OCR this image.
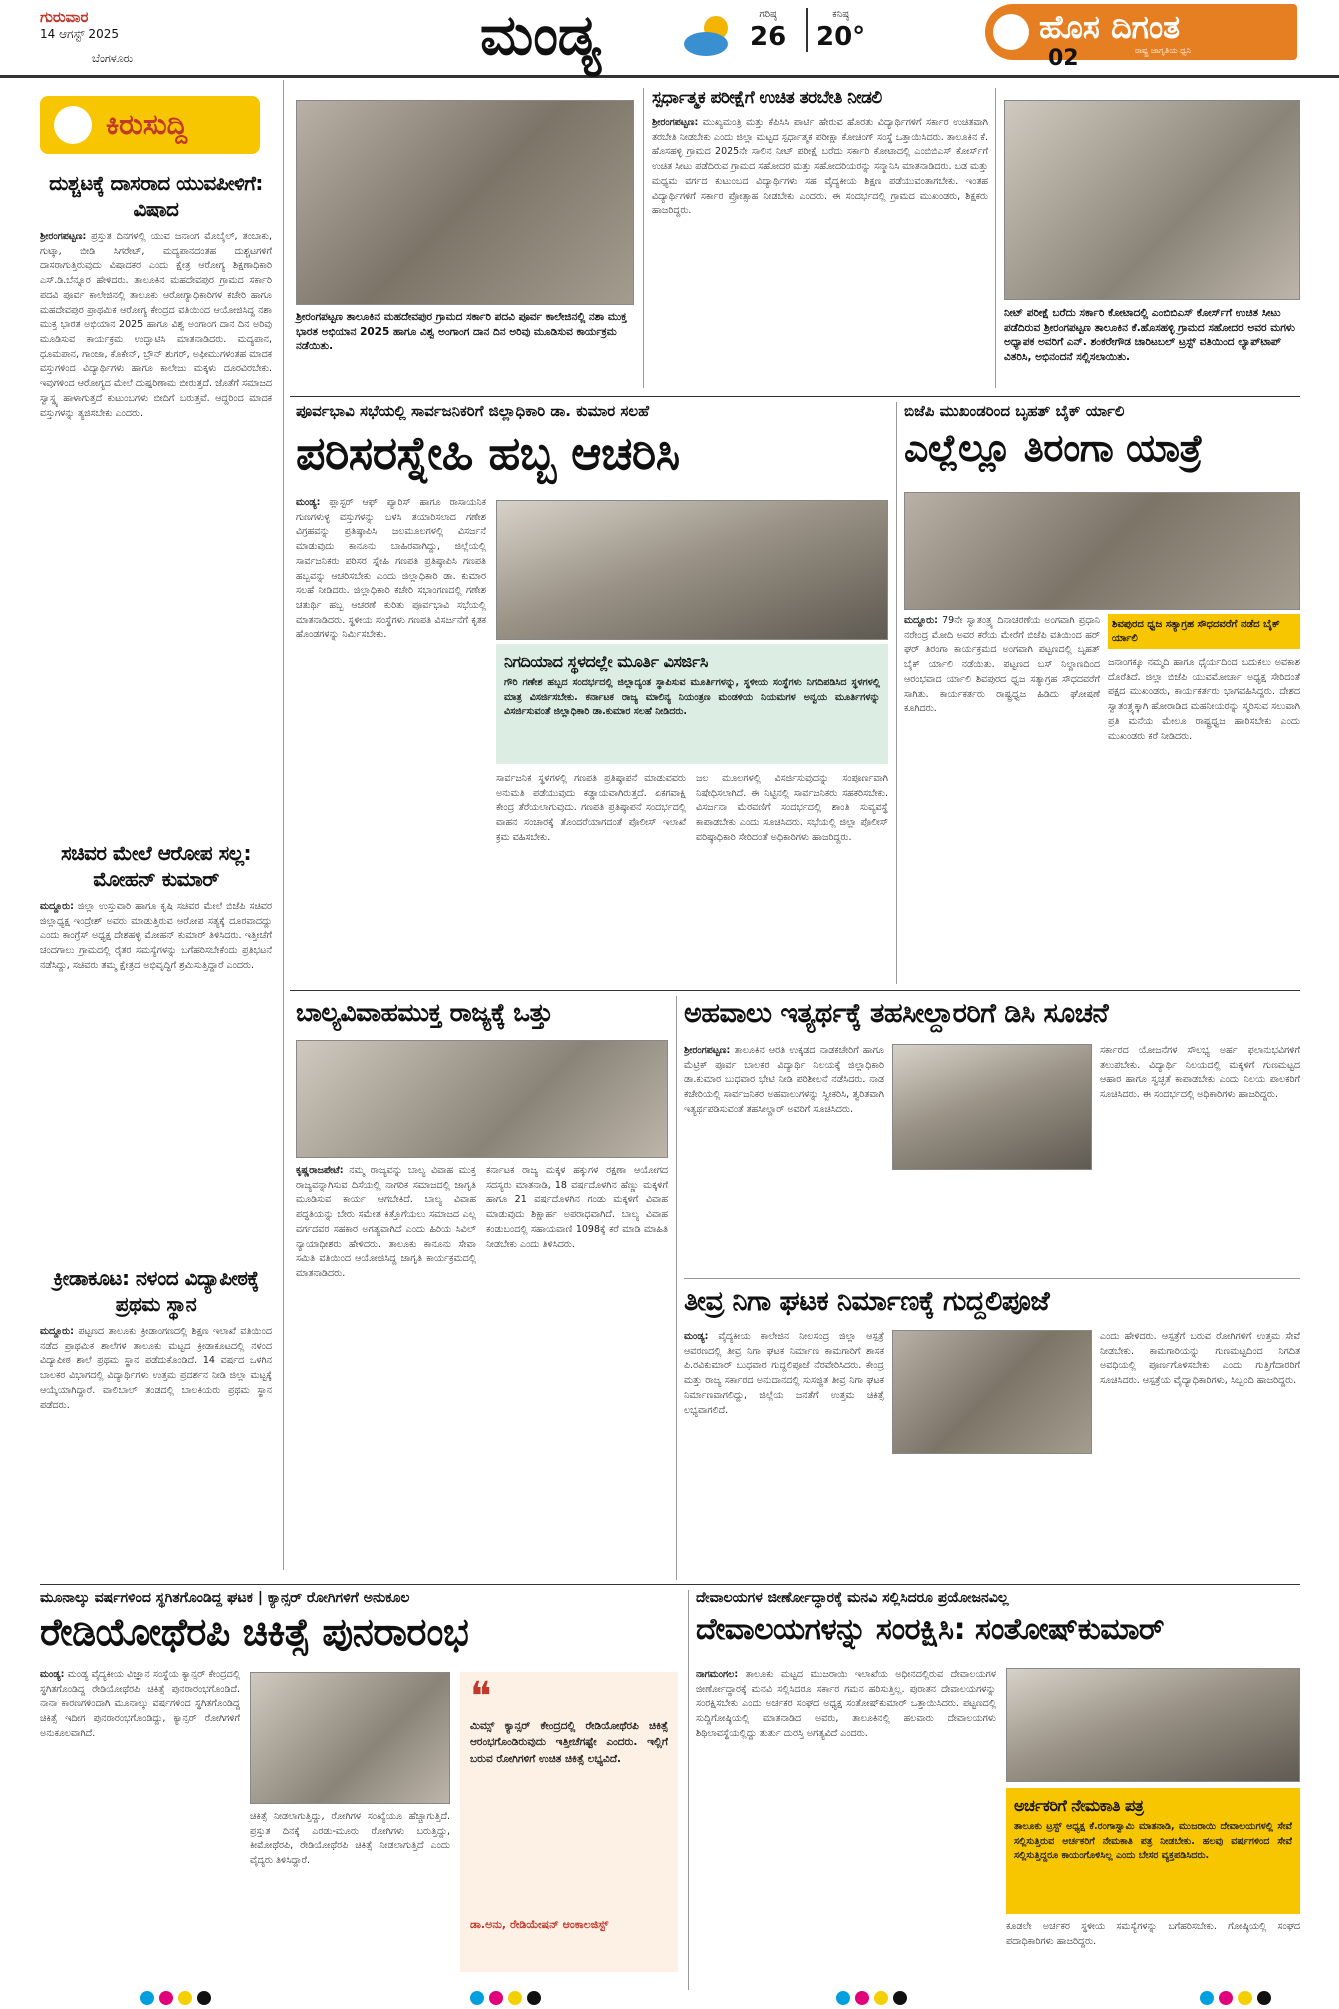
ಗುರುವಾರ
14 ಆಗಸ್ಟ್ 2025
ಬೆಂಗಳೂರು	ಮಂಡ್ಯ	ಗರಿಷ್ಠ
26
ಕನಿಷ್ಠ
20°	ಹೊಸ ದಿಗಂತ
ರಾಷ್ಟ್ರ ಜಾಗೃತಿಯ ಧ್ವನಿ
02
ಕಿರುಸುದ್ದಿ
ದುಶ್ಚಟಕ್ಕೆ ದಾಸರಾದ ಯುವಪೀಳಿಗೆ: ವಿಷಾದ
ಶ್ರೀರಂಗಪಟ್ಟಣ: ಪ್ರಸ್ತುತ ದಿನಗಳಲ್ಲಿ ಯುವ ಜನಾಂಗ ಮೊಬೈಲ್, ತಂಬಾಕು, ಗುಟ್ಕಾ, ಬೀಡಿ ಸಿಗರೇಟ್, ಮದ್ಯಪಾನದಂತಹ ದುಶ್ಚಟಗಳಿಗೆ ದಾಸರಾಗುತ್ತಿರುವುದು ವಿಷಾದಕರ ಎಂದು ಕ್ಷೇತ್ರ ಆರೋಗ್ಯ ಶಿಕ್ಷಣಾಧಿಕಾರಿ ಎಸ್.ಡಿ.ಬೆನ್ನೂರ ಹೇಳಿದರು. ತಾಲೂಕಿನ ಮಹದೇವಪುರ ಗ್ರಾಮದ ಸರ್ಕಾರಿ ಪದವಿ ಪೂರ್ವ ಕಾಲೇಜಿನಲ್ಲಿ ತಾಲೂಕು ಆರೋಗ್ಯಾಧಿಕಾರಿಗಳ ಕಚೇರಿ ಹಾಗೂ ಮಹದೇವಪುರ ಪ್ರಾಥಮಿಕ ಆರೋಗ್ಯ ಕೇಂದ್ರದ ವತಿಯಿಂದ ಆಯೋಜಿಸಿದ್ದ ನಶಾ ಮುಕ್ತ ಭಾರತ ಅಭಿಯಾನ 2025 ಹಾಗೂ ವಿಶ್ವ ಅಂಗಾಂಗ ದಾನ ದಿನ ಅರಿವು ಮೂಡಿಸುವ ಕಾರ್ಯಕ್ರಮ ಉದ್ಘಾಟಿಸಿ ಮಾತನಾಡಿದರು. ಮದ್ಯಪಾನ, ಧೂಮಪಾನ, ಗಾಂಜಾ, ಕೊಕೇನ್, ಬ್ರೌನ್ ಶುಗರ್, ಅಫೀಮುಗಳಂತಹ ಮಾದಕ ವಸ್ತುಗಳಿಂದ ವಿದ್ಯಾರ್ಥಿಗಳು ಹಾಗೂ ಕಾಲೇಜು ಮಕ್ಕಳು ದೂರವಿರಬೇಕು. ಇವುಗಳಿಂದ ಆರೋಗ್ಯದ ಮೇಲೆ ದುಷ್ಪರಿಣಾಮ ಬೀರುತ್ತದೆ. ಜೊತೆಗೆ ಸಮಾಜದ ಸ್ವಾಸ್ಥ್ಯ ಹಾಳಾಗುತ್ತದೆ ಕುಟುಂಬಗಳು ಬೀದಿಗೆ ಬರುತ್ತವೆ. ಆದ್ದರಿಂದ ಮಾದಕ ವಸ್ತುಗಳನ್ನು ತ್ಯಜಿಸಬೇಕು ಎಂದರು.
ಸಚಿವರ ಮೇಲೆ ಆರೋಪ ಸಲ್ಲ: ಮೋಹನ್ ಕುಮಾರ್
ಮದ್ದೂರು: ಜಿಲ್ಲಾ ಉಸ್ತುವಾರಿ ಹಾಗೂ ಕೃಷಿ ಸಚಿವರ ಮೇಲೆ ಬಿಜೆಪಿ ಸಚಿವರ ಜಿಲ್ಲಾಧ್ಯಕ್ಷ ಇಂದ್ರೇಶ್ ಅವರು ಮಾಡುತ್ತಿರುವ ಆರೋಪ ಸತ್ಯಕ್ಕೆ ದೂರವಾದದ್ದು ಎಂದು ಕಾಂಗ್ರೆಸ್ ಅಧ್ಯಕ್ಷ ದೇಶಹಳ್ಳಿ ಮೋಹನ್ ಕುಮಾರ್ ತಿಳಿಸಿದರು. ಇತ್ತೀಚೆಗೆ ಚಂದಗಾಲು ಗ್ರಾಮದಲ್ಲಿ ರೈತರ ಸಮಸ್ಯೆಗಳನ್ನು ಬಗೆಹರಿಸಬೇಕೆಂದು ಪ್ರತಿಭಟನೆ ನಡೆಸಿದ್ದು, ಸಚಿವರು ತಮ್ಮ ಕ್ಷೇತ್ರದ ಅಭಿವೃದ್ಧಿಗೆ ಶ್ರಮಿಸುತ್ತಿದ್ದಾರೆ ಎಂದರು.
ಕ್ರೀಡಾಕೂಟ: ನಳಂದ ವಿದ್ಯಾಪೀಠಕ್ಕೆ ಪ್ರಥಮ ಸ್ಥಾನ
ಮದ್ದೂರು: ಪಟ್ಟಣದ ತಾಲೂಕು ಕ್ರೀಡಾಂಗಣದಲ್ಲಿ ಶಿಕ್ಷಣ ಇಲಾಖೆ ವತಿಯಿಂದ ನಡೆದ ಪ್ರಾಥಮಿಕ ಶಾಲೆಗಳ ತಾಲೂಕು ಮಟ್ಟದ ಕ್ರೀಡಾಕೂಟದಲ್ಲಿ ನಳಂದ ವಿದ್ಯಾಪೀಠ ಶಾಲೆ ಪ್ರಥಮ ಸ್ಥಾನ ಪಡೆದುಕೊಂಡಿದೆ. 14 ವರ್ಷದ ಒಳಗಿನ ಬಾಲಕರ ವಿಭಾಗದಲ್ಲಿ ವಿದ್ಯಾರ್ಥಿಗಳು ಉತ್ತಮ ಪ್ರದರ್ಶನ ನೀಡಿ ಜಿಲ್ಲಾ ಮಟ್ಟಕ್ಕೆ ಆಯ್ಕೆಯಾಗಿದ್ದಾರೆ. ವಾಲಿಬಾಲ್ ತಂಡದಲ್ಲಿ ಬಾಲಕಿಯರು ಪ್ರಥಮ ಸ್ಥಾನ ಪಡೆದರು.
ಶ್ರೀರಂಗಪಟ್ಟಣ ತಾಲೂಕಿನ ಮಹದೇವಪುರ ಗ್ರಾಮದ ಸರ್ಕಾರಿ ಪದವಿ ಪೂರ್ವ ಕಾಲೇಜಿನಲ್ಲಿ ನಶಾ ಮುಕ್ತ ಭಾರತ ಅಭಿಯಾನ 2025 ಹಾಗೂ ವಿಶ್ವ ಅಂಗಾಂಗ ದಾನ ದಿನ ಅರಿವು ಮೂಡಿಸುವ ಕಾರ್ಯಕ್ರಮ ನಡೆಯಿತು.
ಸ್ಪರ್ಧಾತ್ಮಕ ಪರೀಕ್ಷೆಗೆ ಉಚಿತ ತರಬೇತಿ ನೀಡಲಿ
ಶ್ರೀರಂಗಪಟ್ಟಣ: ಮುಖ್ಯಮಂತ್ರಿ ಮತ್ತು ಕೆಪಿಸಿಸಿ ಪಾರ್ಟಿ ಹೇರುವ ಹೊರತು ವಿದ್ಯಾರ್ಥಿಗಳಿಗೆ ಸರ್ಕಾರ ಉಚಿತವಾಗಿ ತರಬೇತಿ ನೀಡಬೇಕು ಎಂದು ಜಿಲ್ಲಾ ಮಟ್ಟದ ಸ್ಪರ್ಧಾತ್ಮಕ ಪರೀಕ್ಷಾ ಕೋಚಿಂಗ್ ಸಂಸ್ಥೆ ಒತ್ತಾಯಿಸಿದರು. ತಾಲೂಕಿನ ಕೆ. ಹೊಸಹಳ್ಳಿ ಗ್ರಾಮದ 2025ನೇ ಸಾಲಿನ ನೀಟ್ ಪರೀಕ್ಷೆ ಬರೆದು ಸರ್ಕಾರಿ ಕೋಟಾದಲ್ಲಿ ಎಂಬಿಬಿಎಸ್ ಕೋರ್ಸ್‌ಗೆ ಉಚಿತ ಸೀಟು ಪಡೆದಿರುವ ಗ್ರಾಮದ ಸಹೋದರ ಮತ್ತು ಸಹೋದರಿಯರನ್ನು ಸನ್ಮಾನಿಸಿ ಮಾತನಾಡಿದರು. ಬಡ ಮತ್ತು ಮಧ್ಯಮ ವರ್ಗದ ಕುಟುಂಬದ ವಿದ್ಯಾರ್ಥಿಗಳು ಸಹ ವೈದ್ಯಕೀಯ ಶಿಕ್ಷಣ ಪಡೆಯುವಂತಾಗಬೇಕು. ಇಂತಹ ವಿದ್ಯಾರ್ಥಿಗಳಿಗೆ ಸರ್ಕಾರ ಪ್ರೋತ್ಸಾಹ ನೀಡಬೇಕು ಎಂದರು. ಈ ಸಂದರ್ಭದಲ್ಲಿ ಗ್ರಾಮದ ಮುಖಂಡರು, ಶಿಕ್ಷಕರು ಹಾಜರಿದ್ದರು.
ನೀಟ್ ಪರೀಕ್ಷೆ ಬರೆದು ಸರ್ಕಾರಿ ಕೋಟಾದಲ್ಲಿ ಎಂಬಿಬಿಎಸ್ ಕೋರ್ಸ್‌ಗೆ ಉಚಿತ ಸೀಟು ಪಡೆದಿರುವ ಶ್ರೀರಂಗಪಟ್ಟಣ ತಾಲೂಕಿನ ಕೆ.ಹೊಸಹಳ್ಳಿ ಗ್ರಾಮದ ಸಹೋದರ ಅವರ ಮಗಳು ಅಧ್ಯಾಪಕ ಅವರಿಗೆ ಎನ್. ಶಂಕರೇಗೌಡ ಚಾರಿಟಬಲ್ ಟ್ರಸ್ಟ್ ವತಿಯಿಂದ ಲ್ಯಾಪ್‌ಟಾಪ್ ವಿತರಿಸಿ, ಅಭಿನಂದನೆ ಸಲ್ಲಿಸಲಾಯಿತು.
ಪೂರ್ವಭಾವಿ ಸಭೆಯಲ್ಲಿ ಸಾರ್ವಜನಿಕರಿಗೆ ಜಿಲ್ಲಾಧಿಕಾರಿ ಡಾ. ಕುಮಾರ ಸಲಹೆ
ಪರಿಸರಸ್ನೇಹಿ ಹಬ್ಬ ಆಚರಿಸಿ
ಮಂಡ್ಯ: ಪ್ಲಾಸ್ಟರ್ ಆಫ್ ಪ್ಯಾರಿಸ್ ಹಾಗೂ ರಾಸಾಯನಿಕ ಗುಣಗಳುಳ್ಳ ವಸ್ತುಗಳನ್ನು ಬಳಸಿ ತಯಾರಿಸಲಾದ ಗಣೇಶ ವಿಗ್ರಹವನ್ನು ಪ್ರತಿಷ್ಠಾಪಿಸಿ ಜಲಮೂಲಗಳಲ್ಲಿ ವಿಸರ್ಜನೆ ಮಾಡುವುದು ಕಾನೂನು ಬಾಹಿರವಾಗಿದ್ದು, ಜಿಲ್ಲೆಯಲ್ಲಿ ಸಾರ್ವಜನಿಕರು ಪರಿಸರ ಸ್ನೇಹಿ ಗಣಪತಿ ಪ್ರತಿಷ್ಠಾಪಿಸಿ ಗಣಪತಿ ಹಬ್ಬವನ್ನು ಆಚರಿಸಬೇಕು ಎಂದು ಜಿಲ್ಲಾಧಿಕಾರಿ ಡಾ. ಕುಮಾರ ಸಲಹೆ ನೀಡಿದರು. ಜಿಲ್ಲಾಧಿಕಾರಿ ಕಚೇರಿ ಸಭಾಂಗಣದಲ್ಲಿ ಗಣೇಶ ಚತುರ್ಥಿ ಹಬ್ಬ ಆಚರಣೆ ಕುರಿತು ಪೂರ್ವಭಾವಿ ಸಭೆಯಲ್ಲಿ ಮಾತನಾಡಿದರು. ಸ್ಥಳೀಯ ಸಂಸ್ಥೆಗಳು ಗಣಪತಿ ವಿಸರ್ಜನೆಗೆ ಕೃತಕ ಹೊಂಡಗಳನ್ನು ನಿರ್ಮಿಸಬೇಕು.
ನಿಗದಿಯಾದ ಸ್ಥಳದಲ್ಲೇ ಮೂರ್ತಿ ವಿಸರ್ಜಿಸಿ
ಗೌರಿ ಗಣೇಶ ಹಬ್ಬದ ಸಂದರ್ಭದಲ್ಲಿ ಜಿಲ್ಲಾದ್ಯಂತ ಸ್ಥಾಪಿಸುವ ಮೂರ್ತಿಗಳನ್ನು, ಸ್ಥಳೀಯ ಸಂಸ್ಥೆಗಳು ನಿಗದಿಪಡಿಸಿದ ಸ್ಥಳಗಳಲ್ಲಿ ಮಾತ್ರ ವಿಸರ್ಜಿಸಬೇಕು. ಕರ್ನಾಟಕ ರಾಜ್ಯ ಮಾಲಿನ್ಯ ನಿಯಂತ್ರಣ ಮಂಡಳಿಯ ನಿಯಮಗಳ ಅನ್ವಯ ಮೂರ್ತಿಗಳನ್ನು ವಿಸರ್ಜಿಸುವಂತೆ ಜಿಲ್ಲಾಧಿಕಾರಿ ಡಾ.ಕುಮಾರ ಸಲಹೆ ನೀಡಿದರು.
ಸಾರ್ವಜನಿಕ ಸ್ಥಳಗಳಲ್ಲಿ ಗಣಪತಿ ಪ್ರತಿಷ್ಠಾಪನೆ ಮಾಡುವವರು ಅನುಮತಿ ಪಡೆಯುವುದು ಕಡ್ಡಾಯವಾಗಿರುತ್ತದೆ. ಏಕಗವಾಕ್ಷಿ ಕೇಂದ್ರ ತೆರೆಯಲಾಗುವುದು. ಗಣಪತಿ ಪ್ರತಿಷ್ಠಾಪನೆ ಸಂದರ್ಭದಲ್ಲಿ ವಾಹನ ಸಂಚಾರಕ್ಕೆ ತೊಂದರೆಯಾಗದಂತೆ ಪೊಲೀಸ್ ಇಲಾಖೆ ಕ್ರಮ ವಹಿಸಬೇಕು.
ಜಲ ಮೂಲಗಳಲ್ಲಿ ವಿಸರ್ಜಿಸುವುದನ್ನು ಸಂಪೂರ್ಣವಾಗಿ ನಿಷೇಧಿಸಲಾಗಿದೆ. ಈ ನಿಟ್ಟಿನಲ್ಲಿ ಸಾರ್ವಜನಿಕರು ಸಹಕರಿಸಬೇಕು. ವಿಸರ್ಜನಾ ಮೆರವಣಿಗೆ ಸಂದರ್ಭದಲ್ಲಿ ಶಾಂತಿ ಸುವ್ಯವಸ್ಥೆ ಕಾಪಾಡಬೇಕು ಎಂದು ಸೂಚಿಸಿದರು. ಸಭೆಯಲ್ಲಿ ಜಿಲ್ಲಾ ಪೊಲೀಸ್ ವರಿಷ್ಠಾಧಿಕಾರಿ ಸೇರಿದಂತೆ ಅಧಿಕಾರಿಗಳು ಹಾಜರಿದ್ದರು.
ಬಿಜೆಪಿ ಮುಖಂಡರಿಂದ ಬೃಹತ್ ಬೈಕ್ ರ್ಯಾಲಿ
ಎಲ್ಲೆಲ್ಲೂ ತಿರಂಗಾ ಯಾತ್ರೆ
ಶಿವಪುರದ ಧ್ವಜ ಸತ್ಯಾಗ್ರಹ ಸೌಧದವರೆಗೆ ನಡೆದ ಬೈಕ್ ರ್ಯಾಲಿ
ಮದ್ದೂರು: 79ನೇ ಸ್ವಾತಂತ್ರ್ಯ ದಿನಾಚರಣೆಯ ಅಂಗವಾಗಿ ಪ್ರಧಾನಿ ನರೇಂದ್ರ ಮೋದಿ ಅವರ ಕರೆಯ ಮೇರೆಗೆ ಬಿಜೆಪಿ ವತಿಯಿಂದ ಹರ್ ಘರ್ ತಿರಂಗಾ ಕಾರ್ಯಕ್ರಮದ ಅಂಗವಾಗಿ ಪಟ್ಟಣದಲ್ಲಿ ಬೃಹತ್ ಬೈಕ್ ರ್ಯಾಲಿ ನಡೆಯಿತು. ಪಟ್ಟಣದ ಬಸ್ ನಿಲ್ದಾಣದಿಂದ ಆರಂಭವಾದ ರ್ಯಾಲಿ ಶಿವಪುರದ ಧ್ವಜ ಸತ್ಯಾಗ್ರಹ ಸೌಧದವರೆಗೆ ಸಾಗಿತು. ಕಾರ್ಯಕರ್ತರು ರಾಷ್ಟ್ರಧ್ವಜ ಹಿಡಿದು ಘೋಷಣೆ ಕೂಗಿದರು.
ಜನಾಂಗಕ್ಕೂ ನಮ್ಮದಿ ಹಾಗೂ ಧೈರ್ಯದಿಂದ ಬದುಕಲು ಅವಕಾಶ ದೊರೆತಿದೆ. ಜಿಲ್ಲಾ ಬಿಜೆಪಿ ಯುವಮೋರ್ಚಾ ಅಧ್ಯಕ್ಷ ಸೇರಿದಂತೆ ಪಕ್ಷದ ಮುಖಂಡರು, ಕಾರ್ಯಕರ್ತರು ಭಾಗವಹಿಸಿದ್ದರು. ದೇಶದ ಸ್ವಾತಂತ್ರ್ಯಕ್ಕಾಗಿ ಹೋರಾಡಿದ ಮಹನೀಯರನ್ನು ಸ್ಮರಿಸುವ ಸಲುವಾಗಿ ಪ್ರತಿ ಮನೆಯ ಮೇಲೂ ರಾಷ್ಟ್ರಧ್ವಜ ಹಾರಿಸಬೇಕು ಎಂದು ಮುಖಂಡರು ಕರೆ ನೀಡಿದರು.
ಬಾಲ್ಯವಿವಾಹಮುಕ್ತ ರಾಜ್ಯಕ್ಕೆ ಒತ್ತು
ಕೃಷ್ಣರಾಜಪೇಟೆ: ನಮ್ಮ ರಾಜ್ಯವನ್ನು ಬಾಲ್ಯ ವಿವಾಹ ಮುಕ್ತ ರಾಜ್ಯವನ್ನಾಗಿಸುವ ದಿಸೆಯಲ್ಲಿ ನಾಗರಿಕ ಸಮಾಜದಲ್ಲಿ ಜಾಗೃತಿ ಮೂಡಿಸುವ ಕಾರ್ಯ ಆಗಬೇಕಿದೆ. ಬಾಲ್ಯ ವಿವಾಹ ಪದ್ಧತಿಯನ್ನು ಬೇರು ಸಮೇತ ಕಿತ್ತೊಗೆಯಲು ಸಮಾಜದ ಎಲ್ಲ ವರ್ಗದವರ ಸಹಕಾರ ಅಗತ್ಯವಾಗಿದೆ ಎಂದು ಹಿರಿಯ ಸಿವಿಲ್ ನ್ಯಾಯಾಧೀಶರು ಹೇಳಿದರು. ತಾಲೂಕು ಕಾನೂನು ಸೇವಾ ಸಮಿತಿ ವತಿಯಿಂದ ಆಯೋಜಿಸಿದ್ದ ಜಾಗೃತಿ ಕಾರ್ಯಕ್ರಮದಲ್ಲಿ ಮಾತನಾಡಿದರು.
ಕರ್ನಾಟಕ ರಾಜ್ಯ ಮಕ್ಕಳ ಹಕ್ಕುಗಳ ರಕ್ಷಣಾ ಆಯೋಗದ ಸದಸ್ಯರು ಮಾತನಾಡಿ, 18 ವರ್ಷದೊಳಗಿನ ಹೆಣ್ಣು ಮಕ್ಕಳಿಗೆ ಹಾಗೂ 21 ವರ್ಷದೊಳಗಿನ ಗಂಡು ಮಕ್ಕಳಿಗೆ ವಿವಾಹ ಮಾಡುವುದು ಶಿಕ್ಷಾರ್ಹ ಅಪರಾಧವಾಗಿದೆ. ಬಾಲ್ಯ ವಿವಾಹ ಕಂಡುಬಂದಲ್ಲಿ ಸಹಾಯವಾಣಿ 1098ಕ್ಕೆ ಕರೆ ಮಾಡಿ ಮಾಹಿತಿ ನೀಡಬೇಕು ಎಂದು ತಿಳಿಸಿದರು.
ಅಹವಾಲು ಇತ್ಯರ್ಥಕ್ಕೆ ತಹಸೀಲ್ದಾರರಿಗೆ ಡಿಸಿ ಸೂಚನೆ
ಶ್ರೀರಂಗಪಟ್ಟಣ: ತಾಲೂಕಿನ ಆರತಿ ಉಕ್ಕಡದ ನಾಡಕಚೇರಿಗೆ ಹಾಗೂ ಮೆಟ್ರಿಕ್ ಪೂರ್ವ ಬಾಲಕರ ವಿದ್ಯಾರ್ಥಿ ನಿಲಯಕ್ಕೆ ಜಿಲ್ಲಾಧಿಕಾರಿ ಡಾ.ಕುಮಾರ ಬುಧವಾರ ಭೇಟಿ ನೀಡಿ ಪರಿಶೀಲನೆ ನಡೆಸಿದರು. ನಾಡ ಕಚೇರಿಯಲ್ಲಿ ಸಾರ್ವಜನಿಕರ ಅಹವಾಲುಗಳನ್ನು ಸ್ವೀಕರಿಸಿ, ತ್ವರಿತವಾಗಿ ಇತ್ಯರ್ಥಪಡಿಸುವಂತೆ ತಹಸೀಲ್ದಾರ್ ಅವರಿಗೆ ಸೂಚಿಸಿದರು.
ಸರ್ಕಾರದ ಯೋಜನೆಗಳ ಸೌಲಭ್ಯ ಅರ್ಹ ಫಲಾನುಭವಿಗಳಿಗೆ ತಲುಪಬೇಕು. ವಿದ್ಯಾರ್ಥಿ ನಿಲಯದಲ್ಲಿ ಮಕ್ಕಳಿಗೆ ಗುಣಮಟ್ಟದ ಆಹಾರ ಹಾಗೂ ಸ್ವಚ್ಛತೆ ಕಾಪಾಡಬೇಕು ಎಂದು ನಿಲಯ ಪಾಲಕರಿಗೆ ಸೂಚಿಸಿದರು. ಈ ಸಂದರ್ಭದಲ್ಲಿ ಅಧಿಕಾರಿಗಳು ಹಾಜರಿದ್ದರು.
ತೀವ್ರ ನಿಗಾ ಘಟಕ ನಿರ್ಮಾಣಕ್ಕೆ ಗುದ್ದಲಿಪೂಜೆ
ಮಂಡ್ಯ: ವೈದ್ಯಕೀಯ ಕಾಲೇಜಿನ ನೀಲಸಂದ್ರ ಜಿಲ್ಲಾ ಆಸ್ಪತ್ರೆ ಆವರಣದಲ್ಲಿ ತೀವ್ರ ನಿಗಾ ಘಟಕ ನಿರ್ಮಾಣ ಕಾಮಗಾರಿಗೆ ಶಾಸಕ ಪಿ.ರವಿಕುಮಾರ್ ಬುಧವಾರ ಗುದ್ದಲಿಪೂಜೆ ನೆರವೇರಿಸಿದರು. ಕೇಂದ್ರ ಮತ್ತು ರಾಜ್ಯ ಸರ್ಕಾರದ ಅನುದಾನದಲ್ಲಿ ಸುಸಜ್ಜಿತ ತೀವ್ರ ನಿಗಾ ಘಟಕ ನಿರ್ಮಾಣವಾಗಲಿದ್ದು, ಜಿಲ್ಲೆಯ ಜನತೆಗೆ ಉತ್ತಮ ಚಿಕಿತ್ಸೆ ಲಭ್ಯವಾಗಲಿದೆ.
ಎಂದು ಹೇಳಿದರು. ಆಸ್ಪತ್ರೆಗೆ ಬರುವ ರೋಗಿಗಳಿಗೆ ಉತ್ತಮ ಸೇವೆ ನೀಡಬೇಕು. ಕಾಮಗಾರಿಯನ್ನು ಗುಣಮಟ್ಟದಿಂದ ನಿಗದಿತ ಅವಧಿಯಲ್ಲಿ ಪೂರ್ಣಗೊಳಿಸಬೇಕು ಎಂದು ಗುತ್ತಿಗೆದಾರರಿಗೆ ಸೂಚಿಸಿದರು. ಆಸ್ಪತ್ರೆಯ ವೈದ್ಯಾಧಿಕಾರಿಗಳು, ಸಿಬ್ಬಂದಿ ಹಾಜರಿದ್ದರು.
ಮೂನಾಲ್ಕು ವರ್ಷಗಳಿಂದ ಸ್ಥಗಿತಗೊಂಡಿದ್ದ ಘಟಕ | ಕ್ಯಾನ್ಸರ್ ರೋಗಿಗಳಿಗೆ ಅನುಕೂಲ
ರೇಡಿಯೋಥೆರಪಿ ಚಿಕಿತ್ಸೆ ಪುನರಾರಂಭ
ಮಂಡ್ಯ: ಮಂಡ್ಯ ವೈದ್ಯಕೀಯ ವಿಜ್ಞಾನ ಸಂಸ್ಥೆಯ ಕ್ಯಾನ್ಸರ್ ಕೇಂದ್ರದಲ್ಲಿ ಸ್ಥಗಿತಗೊಂಡಿದ್ದ ರೇಡಿಯೋಥೆರಪಿ ಚಿಕಿತ್ಸೆ ಪುನರಾರಂಭಗೊಂಡಿದೆ. ನಾನಾ ಕಾರಣಗಳಿಂದಾಗಿ ಮೂನಾಲ್ಕು ವರ್ಷಗಳಿಂದ ಸ್ಥಗಿತಗೊಂಡಿದ್ದ ಚಿಕಿತ್ಸೆ ಇದೀಗ ಪುನರಾರಂಭಗೊಂಡಿದ್ದು, ಕ್ಯಾನ್ಸರ್ ರೋಗಿಗಳಿಗೆ ಅನುಕೂಲವಾಗಿದೆ.
ಚಿಕಿತ್ಸೆ ನೀಡಲಾಗುತ್ತಿದ್ದು, ರೋಗಿಗಳ ಸಂಖ್ಯೆಯೂ ಹೆಚ್ಚಾಗುತ್ತಿದೆ. ಪ್ರಸ್ತುತ ದಿನಕ್ಕೆ ಎರಡು-ಮೂರು ರೋಗಿಗಳು ಬರುತ್ತಿದ್ದು, ಕೀಮೋಥೆರಪಿ, ರೇಡಿಯೋಥೆರಪಿ ಚಿಕಿತ್ಸೆ ನೀಡಲಾಗುತ್ತಿದೆ ಎಂದು ವೈದ್ಯರು ತಿಳಿಸಿದ್ದಾರೆ.
❝
ಮಿಮ್ಸ್ ಕ್ಯಾನ್ಸರ್ ಕೇಂದ್ರದಲ್ಲಿ ರೇಡಿಯೋಥೆರಪಿ ಚಿಕಿತ್ಸೆ ಆರಂಭಗೊಂಡಿರುವುದು ಇತ್ತೀಚೆಗಷ್ಟೇ ಎಂದರು. ಇಲ್ಲಿಗೆ ಬರುವ ರೋಗಿಗಳಿಗೆ ಉಚಿತ ಚಿಕಿತ್ಸೆ ಲಭ್ಯವಿದೆ.
ಡಾ.ಅನು, ರೇಡಿಯೇಷನ್ ಆಂಕಾಲಜಿಸ್ಟ್
ದೇವಾಲಯಗಳ ಜೀರ್ಣೋದ್ಧಾರಕ್ಕೆ ಮನವಿ ಸಲ್ಲಿಸಿದರೂ ಪ್ರಯೋಜನವಿಲ್ಲ
ದೇವಾಲಯಗಳನ್ನು ಸಂರಕ್ಷಿಸಿ: ಸಂತೋಷ್‌ಕುಮಾರ್
ನಾಗಮಂಗಲ: ತಾಲೂಕು ಮಟ್ಟದ ಮುಜರಾಯಿ ಇಲಾಖೆಯ ಅಧೀನದಲ್ಲಿರುವ ದೇವಾಲಯಗಳ ಜೀರ್ಣೋದ್ಧಾರಕ್ಕೆ ಮನವಿ ಸಲ್ಲಿಸಿದರೂ ಸರ್ಕಾರ ಗಮನ ಹರಿಸುತ್ತಿಲ್ಲ. ಪುರಾತನ ದೇವಾಲಯಗಳನ್ನು ಸಂರಕ್ಷಿಸಬೇಕು ಎಂದು ಅರ್ಚಕರ ಸಂಘದ ಅಧ್ಯಕ್ಷ ಸಂತೋಷ್‌ಕುಮಾರ್ ಒತ್ತಾಯಿಸಿದರು. ಪಟ್ಟಣದಲ್ಲಿ ಸುದ್ದಿಗೋಷ್ಠಿಯಲ್ಲಿ ಮಾತನಾಡಿದ ಅವರು, ತಾಲೂಕಿನಲ್ಲಿ ಹಲವಾರು ದೇವಾಲಯಗಳು ಶಿಥಿಲಾವಸ್ಥೆಯಲ್ಲಿದ್ದು ತುರ್ತು ದುರಸ್ತಿ ಅಗತ್ಯವಿದೆ ಎಂದರು.
ಅರ್ಚಕರಿಗೆ ನೇಮಕಾತಿ ಪತ್ರ
ತಾಲೂಕು ಟ್ರಸ್ಟ್ ಅಧ್ಯಕ್ಷ ಕೆ.ರಂಗಾಸ್ವಾಮಿ ಮಾತನಾಡಿ, ಮುಜರಾಯಿ ದೇವಾಲಯಗಳಲ್ಲಿ ಸೇವೆ ಸಲ್ಲಿಸುತ್ತಿರುವ ಅರ್ಚಕರಿಗೆ ನೇಮಕಾತಿ ಪತ್ರ ನೀಡಬೇಕು. ಹಲವು ವರ್ಷಗಳಿಂದ ಸೇವೆ ಸಲ್ಲಿಸುತ್ತಿದ್ದರೂ ಕಾಯಂಗೊಳಿಸಿಲ್ಲ ಎಂದು ಬೇಸರ ವ್ಯಕ್ತಪಡಿಸಿದರು.
ಕೂಡಲೇ ಅರ್ಚಕರ ಸ್ಥಳೀಯ ಸಮಸ್ಯೆಗಳನ್ನು ಬಗೆಹರಿಸಬೇಕು. ಗೋಷ್ಠಿಯಲ್ಲಿ ಸಂಘದ ಪದಾಧಿಕಾರಿಗಳು ಹಾಜರಿದ್ದರು.
